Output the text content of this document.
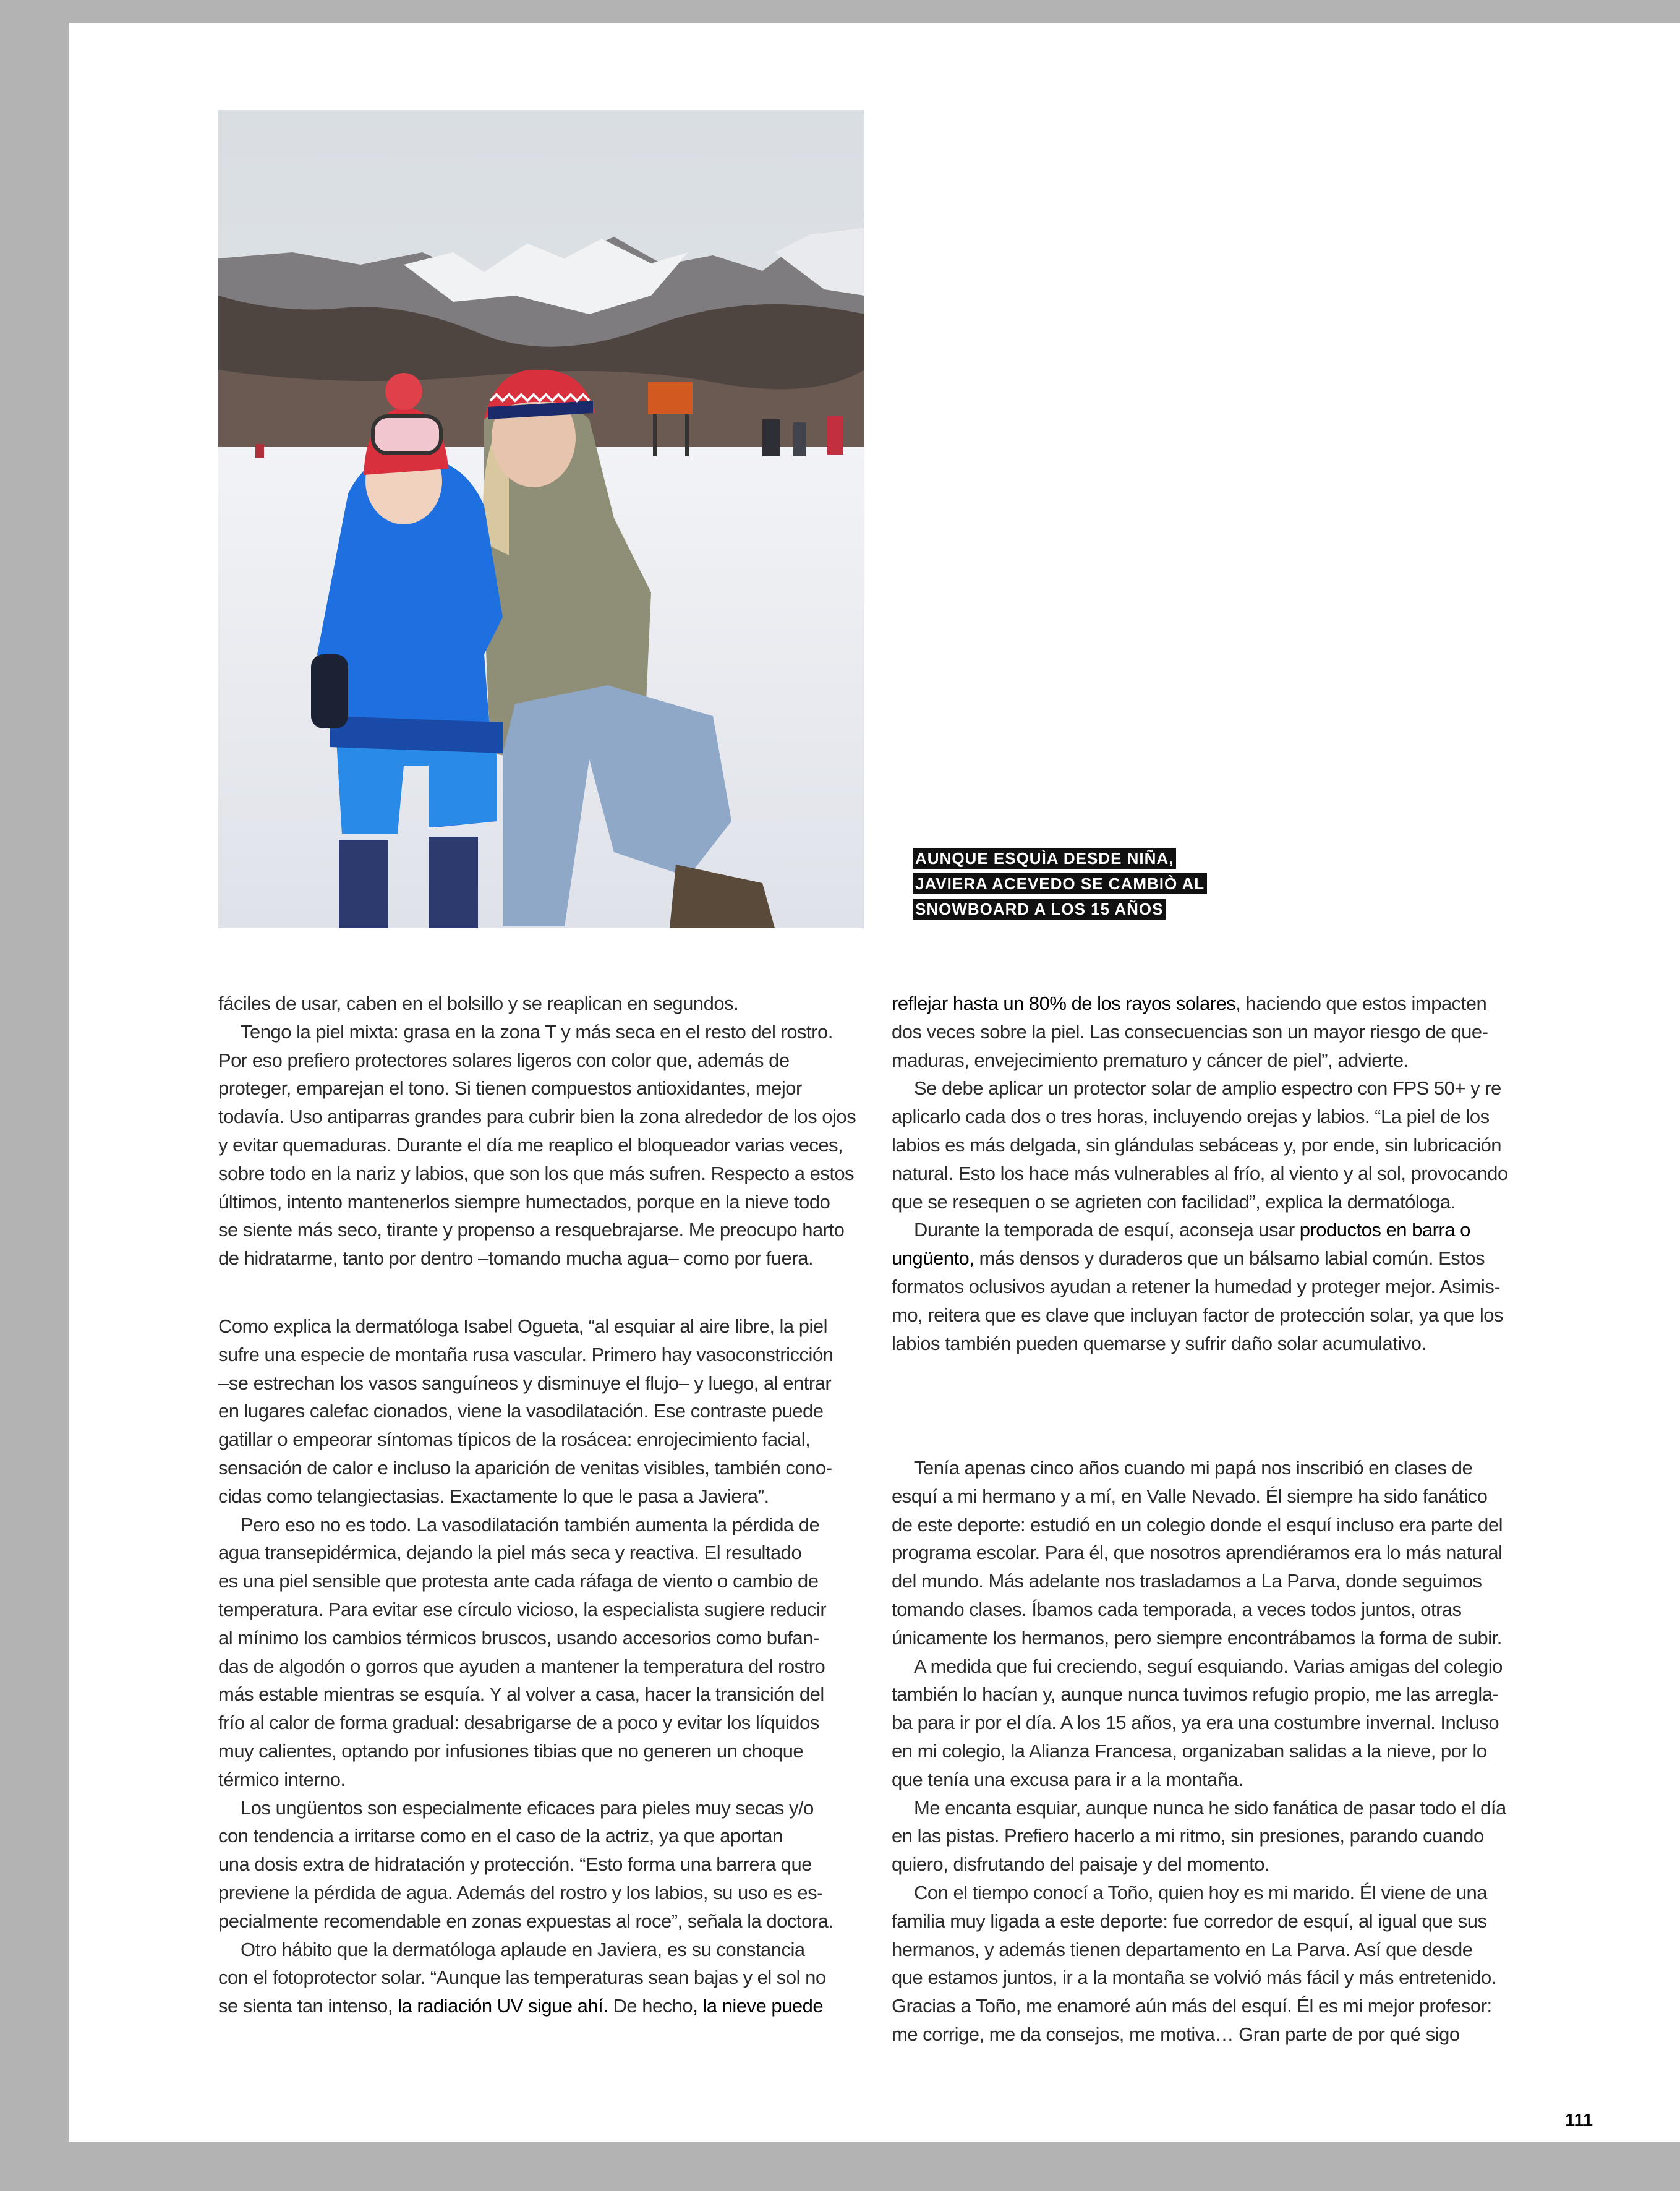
AUNQUE ESQUÌA DESDE NIÑA,
JAVIERA ACEVEDO SE CAMBIÒ AL
SNOWBOARD A LOS 15 AÑOS

fáciles de usar, caben en el bolsillo y se reaplican en segundos.

Tengo la piel mixta: grasa en la zona T y más seca en el resto del rostro.

Por eso prefiero protectores solares ligeros con color que, además de

proteger, emparejan el tono. Si tienen compuestos antioxidantes, mejor

todavía. Uso antiparras grandes para cubrir bien la zona alrededor de los ojos

y evitar quemaduras. Durante el día me reaplico el bloqueador varias veces,

sobre todo en la nariz y labios, que son los que más sufren. Respecto a estos

últimos, intento mantenerlos siempre humectados, porque en la nieve todo

se siente más seco, tirante y propenso a resquebrajarse. Me preocupo harto

de hidratarme, tanto por dentro –tomando mucha agua– como por fuera.

Como explica la dermatóloga Isabel Ogueta, “al esquiar al aire libre, la piel

sufre una especie de montaña rusa vascular. Primero hay vasoconstricción

–se estrechan los vasos sanguíneos y disminuye el flujo– y luego, al entrar

en lugares calefac cionados, viene la vasodilatación. Ese contraste puede

gatillar o empeorar síntomas típicos de la rosácea: enrojecimiento facial,

sensación de calor e incluso la aparición de venitas visibles, también cono-

cidas como telangiectasias. Exactamente lo que le pasa a Javiera”.

Pero eso no es todo. La vasodilatación también aumenta la pérdida de

agua transepidérmica, dejando la piel más seca y reactiva. El resultado

es una piel sensible que protesta ante cada ráfaga de viento o cambio de

temperatura. Para evitar ese círculo vicioso, la especialista sugiere reducir

al mínimo los cambios térmicos bruscos, usando accesorios como bufan-

das de algodón o gorros que ayuden a mantener la temperatura del rostro

más estable mientras se esquía. Y al volver a casa, hacer la transición del

frío al calor de forma gradual: desabrigarse de a poco y evitar los líquidos

muy calientes, optando por infusiones tibias que no generen un choque

térmico interno.

Los ungüentos son especialmente eficaces para pieles muy secas y/o

con tendencia a irritarse como en el caso de la actriz, ya que aportan

una dosis extra de hidratación y protección. “Esto forma una barrera que

previene la pérdida de agua. Además del rostro y los labios, su uso es es-

pecialmente recomendable en zonas expuestas al roce”, señala la doctora.

Otro hábito que la dermatóloga aplaude en Javiera, es su constancia

con el fotoprotector solar. “Aunque las temperaturas sean bajas y el sol no

se sienta tan intenso, la radiación UV sigue ahí. De hecho, la nieve puede

reflejar hasta un 80% de los rayos solares, haciendo que estos impacten

dos veces sobre la piel. Las consecuencias son un mayor riesgo de que-

maduras, envejecimiento prematuro y cáncer de piel”, advierte.

Se debe aplicar un protector solar de amplio espectro con FPS 50+ y re

aplicarlo cada dos o tres horas, incluyendo orejas y labios. “La piel de los

labios es más delgada, sin glándulas sebáceas y, por ende, sin lubricación

natural. Esto los hace más vulnerables al frío, al viento y al sol, provocando

que se resequen o se agrieten con facilidad”, explica la dermatóloga.

Durante la temporada de esquí, aconseja usar productos en barra o

ungüento, más densos y duraderos que un bálsamo labial común. Estos

formatos oclusivos ayudan a retener la humedad y proteger mejor. Asimis-

mo, reitera que es clave que incluyan factor de protección solar, ya que los

labios también pueden quemarse y sufrir daño solar acumulativo.

Tenía apenas cinco años cuando mi papá nos inscribió en clases de

esquí a mi hermano y a mí, en Valle Nevado. Él siempre ha sido fanático

de este deporte: estudió en un colegio donde el esquí incluso era parte del

programa escolar. Para él, que nosotros aprendiéramos era lo más natural

del mundo. Más adelante nos trasladamos a La Parva, donde seguimos

tomando clases. Íbamos cada temporada, a veces todos juntos, otras

únicamente los hermanos, pero siempre encontrábamos la forma de subir.

A medida que fui creciendo, seguí esquiando. Varias amigas del colegio

también lo hacían y, aunque nunca tuvimos refugio propio, me las arregla-

ba para ir por el día. A los 15 años, ya era una costumbre invernal. Incluso

en mi colegio, la Alianza Francesa, organizaban salidas a la nieve, por lo

que tenía una excusa para ir a la montaña.

Me encanta esquiar, aunque nunca he sido fanática de pasar todo el día

en las pistas. Prefiero hacerlo a mi ritmo, sin presiones, parando cuando

quiero, disfrutando del paisaje y del momento.

Con el tiempo conocí a Toño, quien hoy es mi marido. Él viene de una

familia muy ligada a este deporte: fue corredor de esquí, al igual que sus

hermanos, y además tienen departamento en La Parva. Así que desde

que estamos juntos, ir a la montaña se volvió más fácil y más entretenido.

Gracias a Toño, me enamoré aún más del esquí. Él es mi mejor profesor:

me corrige, me da consejos, me motiva… Gran parte de por qué sigo

111
